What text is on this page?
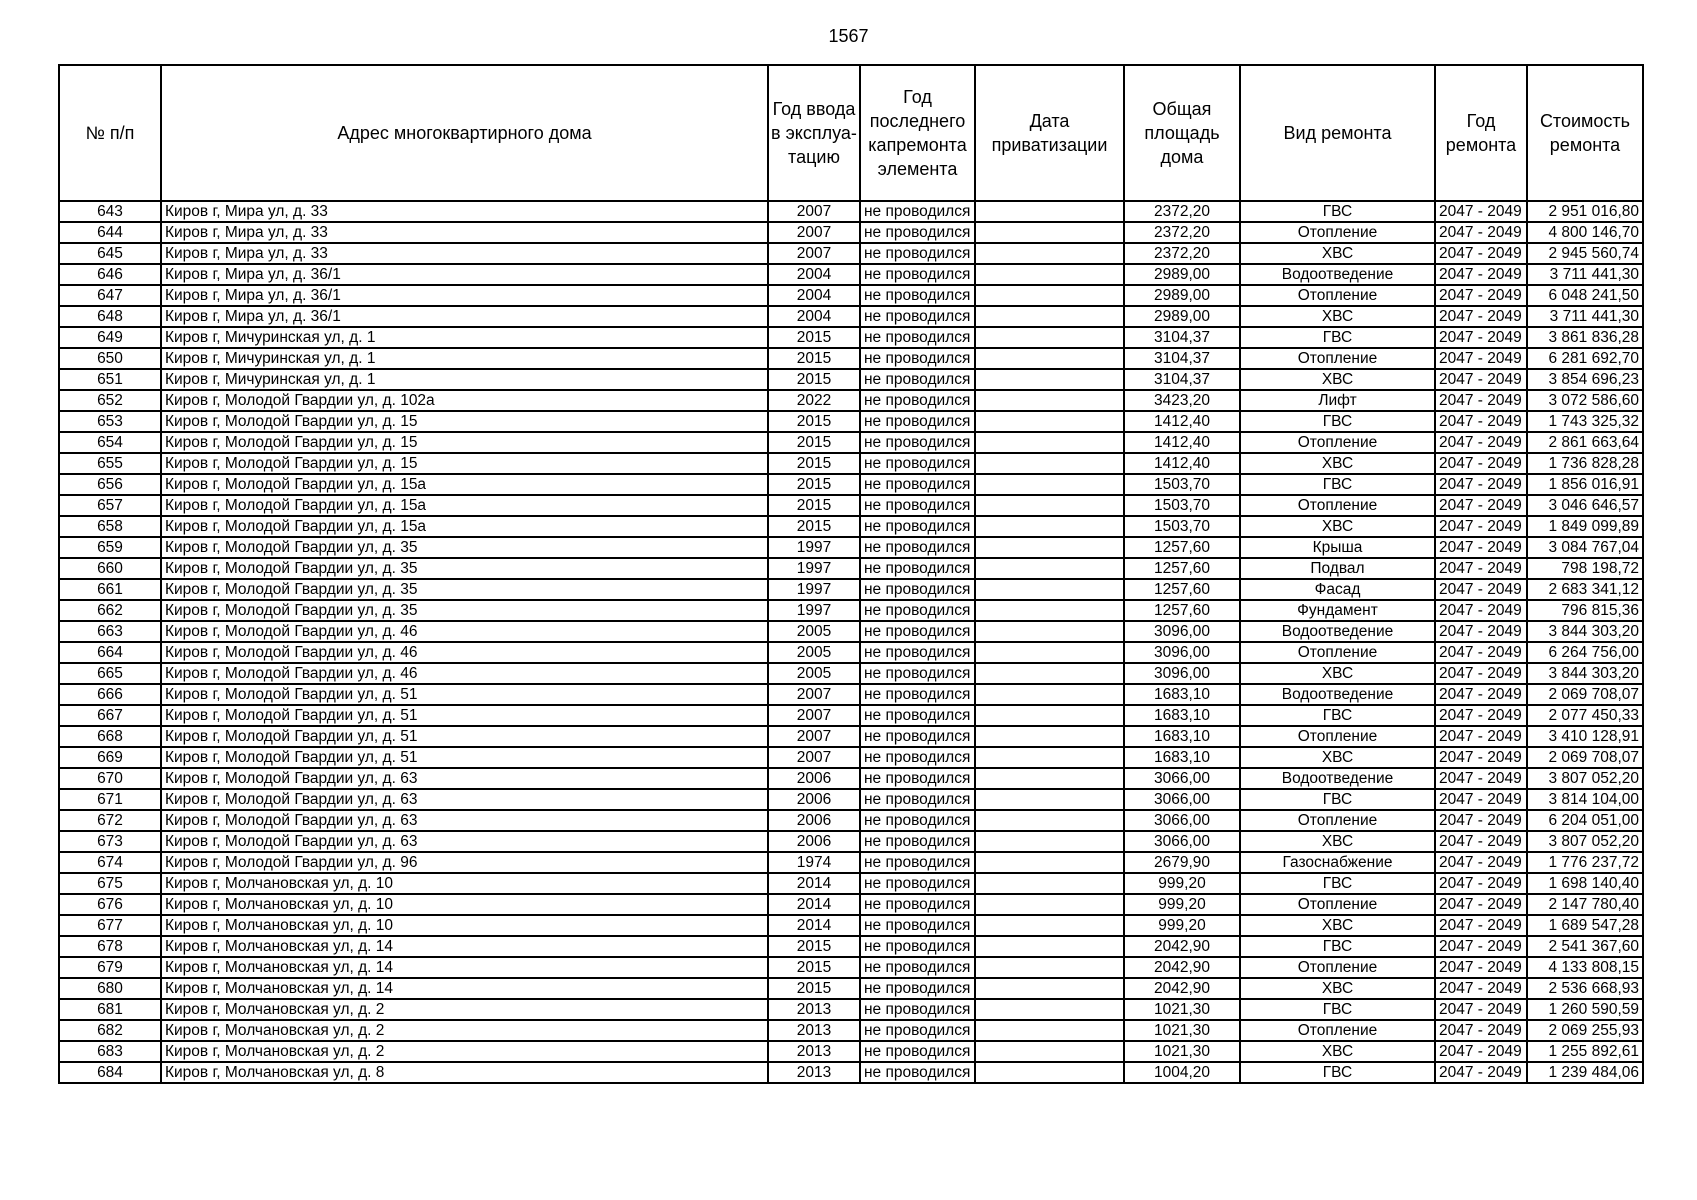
1567
№ п/п	Адрес многоквартирного дома	Год ввода в эксплуа-тацию	Год последнего капремонта элемента	Дата приватизации	Общая площадь дома	Вид ремонта	Год ремонта	Стоимость ремонта
643	Киров г, Мира ул, д. 33	2007	не проводился		2372,20	ГВС	2047 - 2049	2 951 016,80
644	Киров г, Мира ул, д. 33	2007	не проводился		2372,20	Отопление	2047 - 2049	4 800 146,70
645	Киров г, Мира ул, д. 33	2007	не проводился		2372,20	ХВС	2047 - 2049	2 945 560,74
646	Киров г, Мира ул, д. 36/1	2004	не проводился		2989,00	Водоотведение	2047 - 2049	3 711 441,30
647	Киров г, Мира ул, д. 36/1	2004	не проводился		2989,00	Отопление	2047 - 2049	6 048 241,50
648	Киров г, Мира ул, д. 36/1	2004	не проводился		2989,00	ХВС	2047 - 2049	3 711 441,30
649	Киров г, Мичуринская ул, д. 1	2015	не проводился		3104,37	ГВС	2047 - 2049	3 861 836,28
650	Киров г, Мичуринская ул, д. 1	2015	не проводился		3104,37	Отопление	2047 - 2049	6 281 692,70
651	Киров г, Мичуринская ул, д. 1	2015	не проводился		3104,37	ХВС	2047 - 2049	3 854 696,23
652	Киров г, Молодой Гвардии ул, д. 102а	2022	не проводился		3423,20	Лифт	2047 - 2049	3 072 586,60
653	Киров г, Молодой Гвардии ул, д. 15	2015	не проводился		1412,40	ГВС	2047 - 2049	1 743 325,32
654	Киров г, Молодой Гвардии ул, д. 15	2015	не проводился		1412,40	Отопление	2047 - 2049	2 861 663,64
655	Киров г, Молодой Гвардии ул, д. 15	2015	не проводился		1412,40	ХВС	2047 - 2049	1 736 828,28
656	Киров г, Молодой Гвардии ул, д. 15а	2015	не проводился		1503,70	ГВС	2047 - 2049	1 856 016,91
657	Киров г, Молодой Гвардии ул, д. 15а	2015	не проводился		1503,70	Отопление	2047 - 2049	3 046 646,57
658	Киров г, Молодой Гвардии ул, д. 15а	2015	не проводился		1503,70	ХВС	2047 - 2049	1 849 099,89
659	Киров г, Молодой Гвардии ул, д. 35	1997	не проводился		1257,60	Крыша	2047 - 2049	3 084 767,04
660	Киров г, Молодой Гвардии ул, д. 35	1997	не проводился		1257,60	Подвал	2047 - 2049	798 198,72
661	Киров г, Молодой Гвардии ул, д. 35	1997	не проводился		1257,60	Фасад	2047 - 2049	2 683 341,12
662	Киров г, Молодой Гвардии ул, д. 35	1997	не проводился		1257,60	Фундамент	2047 - 2049	796 815,36
663	Киров г, Молодой Гвардии ул, д. 46	2005	не проводился		3096,00	Водоотведение	2047 - 2049	3 844 303,20
664	Киров г, Молодой Гвардии ул, д. 46	2005	не проводился		3096,00	Отопление	2047 - 2049	6 264 756,00
665	Киров г, Молодой Гвардии ул, д. 46	2005	не проводился		3096,00	ХВС	2047 - 2049	3 844 303,20
666	Киров г, Молодой Гвардии ул, д. 51	2007	не проводился		1683,10	Водоотведение	2047 - 2049	2 069 708,07
667	Киров г, Молодой Гвардии ул, д. 51	2007	не проводился		1683,10	ГВС	2047 - 2049	2 077 450,33
668	Киров г, Молодой Гвардии ул, д. 51	2007	не проводился		1683,10	Отопление	2047 - 2049	3 410 128,91
669	Киров г, Молодой Гвардии ул, д. 51	2007	не проводился		1683,10	ХВС	2047 - 2049	2 069 708,07
670	Киров г, Молодой Гвардии ул, д. 63	2006	не проводился		3066,00	Водоотведение	2047 - 2049	3 807 052,20
671	Киров г, Молодой Гвардии ул, д. 63	2006	не проводился		3066,00	ГВС	2047 - 2049	3 814 104,00
672	Киров г, Молодой Гвардии ул, д. 63	2006	не проводился		3066,00	Отопление	2047 - 2049	6 204 051,00
673	Киров г, Молодой Гвардии ул, д. 63	2006	не проводился		3066,00	ХВС	2047 - 2049	3 807 052,20
674	Киров г, Молодой Гвардии ул, д. 96	1974	не проводился		2679,90	Газоснабжение	2047 - 2049	1 776 237,72
675	Киров г, Молчановская ул, д. 10	2014	не проводился		999,20	ГВС	2047 - 2049	1 698 140,40
676	Киров г, Молчановская ул, д. 10	2014	не проводился		999,20	Отопление	2047 - 2049	2 147 780,40
677	Киров г, Молчановская ул, д. 10	2014	не проводился		999,20	ХВС	2047 - 2049	1 689 547,28
678	Киров г, Молчановская ул, д. 14	2015	не проводился		2042,90	ГВС	2047 - 2049	2 541 367,60
679	Киров г, Молчановская ул, д. 14	2015	не проводился		2042,90	Отопление	2047 - 2049	4 133 808,15
680	Киров г, Молчановская ул, д. 14	2015	не проводился		2042,90	ХВС	2047 - 2049	2 536 668,93
681	Киров г, Молчановская ул, д. 2	2013	не проводился		1021,30	ГВС	2047 - 2049	1 260 590,59
682	Киров г, Молчановская ул, д. 2	2013	не проводился		1021,30	Отопление	2047 - 2049	2 069 255,93
683	Киров г, Молчановская ул, д. 2	2013	не проводился		1021,30	ХВС	2047 - 2049	1 255 892,61
684	Киров г, Молчановская ул, д. 8	2013	не проводился		1004,20	ГВС	2047 - 2049	1 239 484,06
